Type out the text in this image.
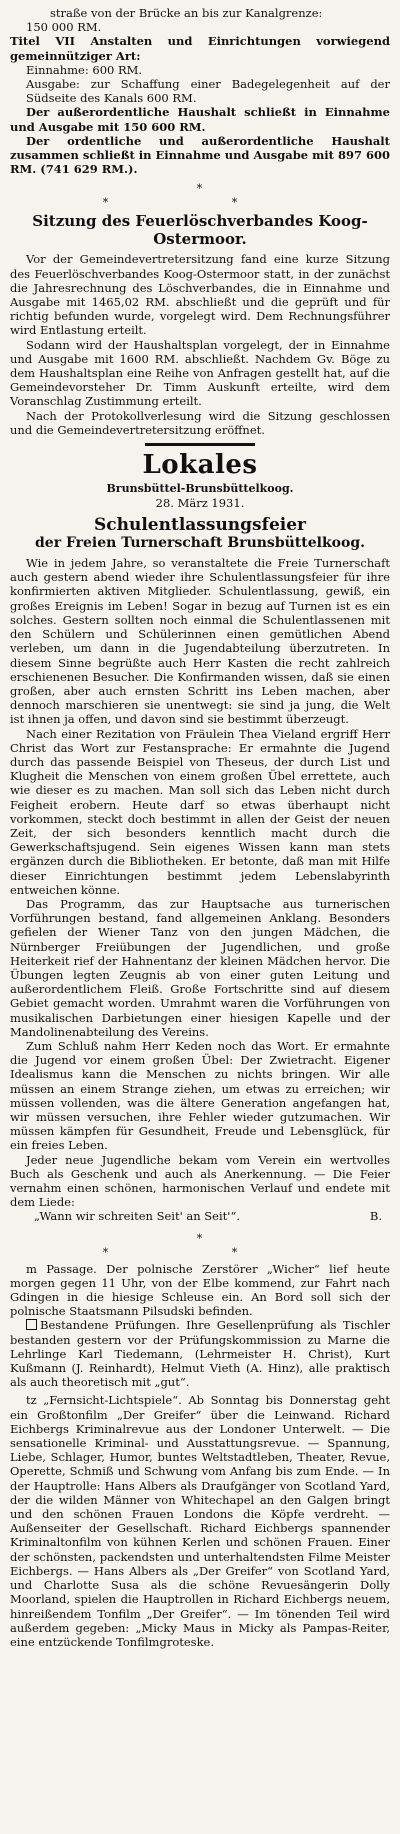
straße von der Brücke an bis zur Kanalgrenze:

150 000 RM.

Titel VII Anstalten und Einrichtungen vorwiegend gemeinnütziger Art:

Einnahme: 600 RM.

Ausgabe: zur Schaffung einer Badegelegenheit auf der Südseite des Kanals 600 RM.

Der außerordentliche Haushalt schließt in Einnahme und Ausgabe mit 150 600 RM.

Der ordentliche und außerordentliche Haushalt zusammen schließt in Einnahme und Ausgabe mit 897 600 RM. (741 629 RM.).

*
* *
Sitzung des Feuerlöschverbandes Koog-Ostermoor.

Vor der Gemeindevertretersitzung fand eine kurze Sitzung des Feuerlöschverbandes Koog-Ostermoor statt, in der zunächst die Jahresrechnung des Löschverbandes, die in Einnahme und Ausgabe mit 1465,02 RM. abschließt und die geprüft und für richtig befunden wurde, vorgelegt wird. Dem Rechnungsführer wird Entlastung erteilt.

Sodann wird der Haushaltsplan vorgelegt, der in Einnahme und Ausgabe mit 1600 RM. abschließt. Nachdem Gv. Böge zu dem Haushaltsplan eine Reihe von Anfragen gestellt hat, auf die Gemeindevorsteher Dr. Timm Auskunft erteilte, wird dem Voranschlag Zustimmung erteilt.

Nach der Protokollverlesung wird die Sitzung geschlossen und die Gemeindevertretersitzung eröffnet.

Lokales
Brunsbüttel-Brunsbüttelkoog.
28. März 1931.
Schulentlassungsfeier
der Freien Turnerschaft Brunsbüttelkoog.

Wie in jedem Jahre, so veranstaltete die Freie Turnerschaft auch gestern abend wieder ihre Schulentlassungsfeier für ihre konfirmierten aktiven Mitglieder. Schulentlassung, gewiß, ein großes Ereignis im Leben! Sogar in bezug auf Turnen ist es ein solches. Gestern sollten noch einmal die Schulentlassenen mit den Schülern und Schülerinnen einen gemütlichen Abend verleben, um dann in die Jugendabteilung überzutreten. In diesem Sinne begrüßte auch Herr Kasten die recht zahlreich erschienenen Besucher. Die Konfirmanden wissen, daß sie einen großen, aber auch ernsten Schritt ins Leben machen, aber dennoch marschieren sie unentwegt: sie sind ja jung, die Welt ist ihnen ja offen, und davon sind sie bestimmt überzeugt.

Nach einer Rezitation von Fräulein Thea Vieland ergriff Herr Christ das Wort zur Festansprache: Er ermahnte die Jugend durch das passende Beispiel von Theseus, der durch List und Klugheit die Menschen von einem großen Übel errettete, auch wie dieser es zu machen. Man soll sich das Leben nicht durch Feigheit erobern. Heute darf so etwas überhaupt nicht vorkommen, steckt doch bestimmt in allen der Geist der neuen Zeit, der sich besonders kenntlich macht durch die Gewerkschaftsjugend. Sein eigenes Wissen kann man stets ergänzen durch die Bibliotheken. Er betonte, daß man mit Hilfe dieser Einrichtungen bestimmt jedem Lebenslabyrinth entweichen könne.

Das Programm, das zur Hauptsache aus turnerischen Vorführungen bestand, fand allgemeinen Anklang. Besonders gefielen der Wiener Tanz von den jungen Mädchen, die Nürnberger Freiübungen der Jugendlichen, und große Heiterkeit rief der Hahnentanz der kleinen Mädchen hervor. Die Übungen legten Zeugnis ab von einer guten Leitung und außerordentlichem Fleiß. Große Fortschritte sind auf diesem Gebiet gemacht worden. Umrahmt waren die Vorführungen von musikalischen Darbietungen einer hiesigen Kapelle und der Mandolinenabteilung des Vereins.

Zum Schluß nahm Herr Keden noch das Wort. Er ermahnte die Jugend vor einem großen Übel: Der Zwietracht. Eigener Idealismus kann die Menschen zu nichts bringen. Wir alle müssen an einem Strange ziehen, um etwas zu erreichen; wir müssen vollenden, was die ältere Generation angefangen hat, wir müssen versuchen, ihre Fehler wieder gutzumachen. Wir müssen kämpfen für Gesundheit, Freude und Lebensglück, für ein freies Leben.

Jeder neue Jugendliche bekam vom Verein ein wertvolles Buch als Geschenk und auch als Anerkennung. — Die Feier vernahm einen schönen, harmonischen Verlauf und endete mit dem Liede:

„Wann wir schreiten Seit' an Seit'“.	B.
*
* *

m Passage. Der polnische Zerstörer „Wicher“ lief heute morgen gegen 11 Uhr, von der Elbe kommend, zur Fahrt nach Gdingen in die hiesige Schleuse ein. An Bord soll sich der polnische Staatsmann Pilsudski befinden.

Bestandene Prüfungen. Ihre Gesellenprüfung als Tischler bestanden gestern vor der Prüfungskommission zu Marne die Lehrlinge Karl Tiedemann, (Lehrmeister H. Christ), Kurt Kußmann (J. Reinhardt), Helmut Vieth (A. Hinz), alle praktisch als auch theoretisch mit „gut“.

tz „Fernsicht-Lichtspiele“. Ab Sonntag bis Donnerstag geht ein Großtonfilm „Der Greifer“ über die Leinwand. Richard Eichbergs Kriminalrevue aus der Londoner Unterwelt. — Die sensationelle Kriminal- und Ausstattungsrevue. — Spannung, Liebe, Schlager, Humor, buntes Weltstadtleben, Theater, Revue, Operette, Schmiß und Schwung vom Anfang bis zum Ende. — In der Hauptrolle: Hans Albers als Draufgänger von Scotland Yard, der die wilden Männer von Whitechapel an den Galgen bringt und den schönen Frauen Londons die Köpfe verdreht. — Außenseiter der Gesellschaft. Richard Eichbergs spannender Kriminaltonfilm von kühnen Kerlen und schönen Frauen. Einer der schönsten, packendsten und unterhaltendsten Filme Meister Eichbergs. — Hans Albers als „Der Greifer“ von Scotland Yard, und Charlotte Susa als die schöne Revuesängerin Dolly Moorland, spielen die Hauptrollen in Richard Eichbergs neuem, hinreißendem Tonfilm „Der Greifer“. — Im tönenden Teil wird außerdem gegeben: „Micky Maus in Micky als Pampas-Reiter, eine entzückende Tonfilmgroteske.
